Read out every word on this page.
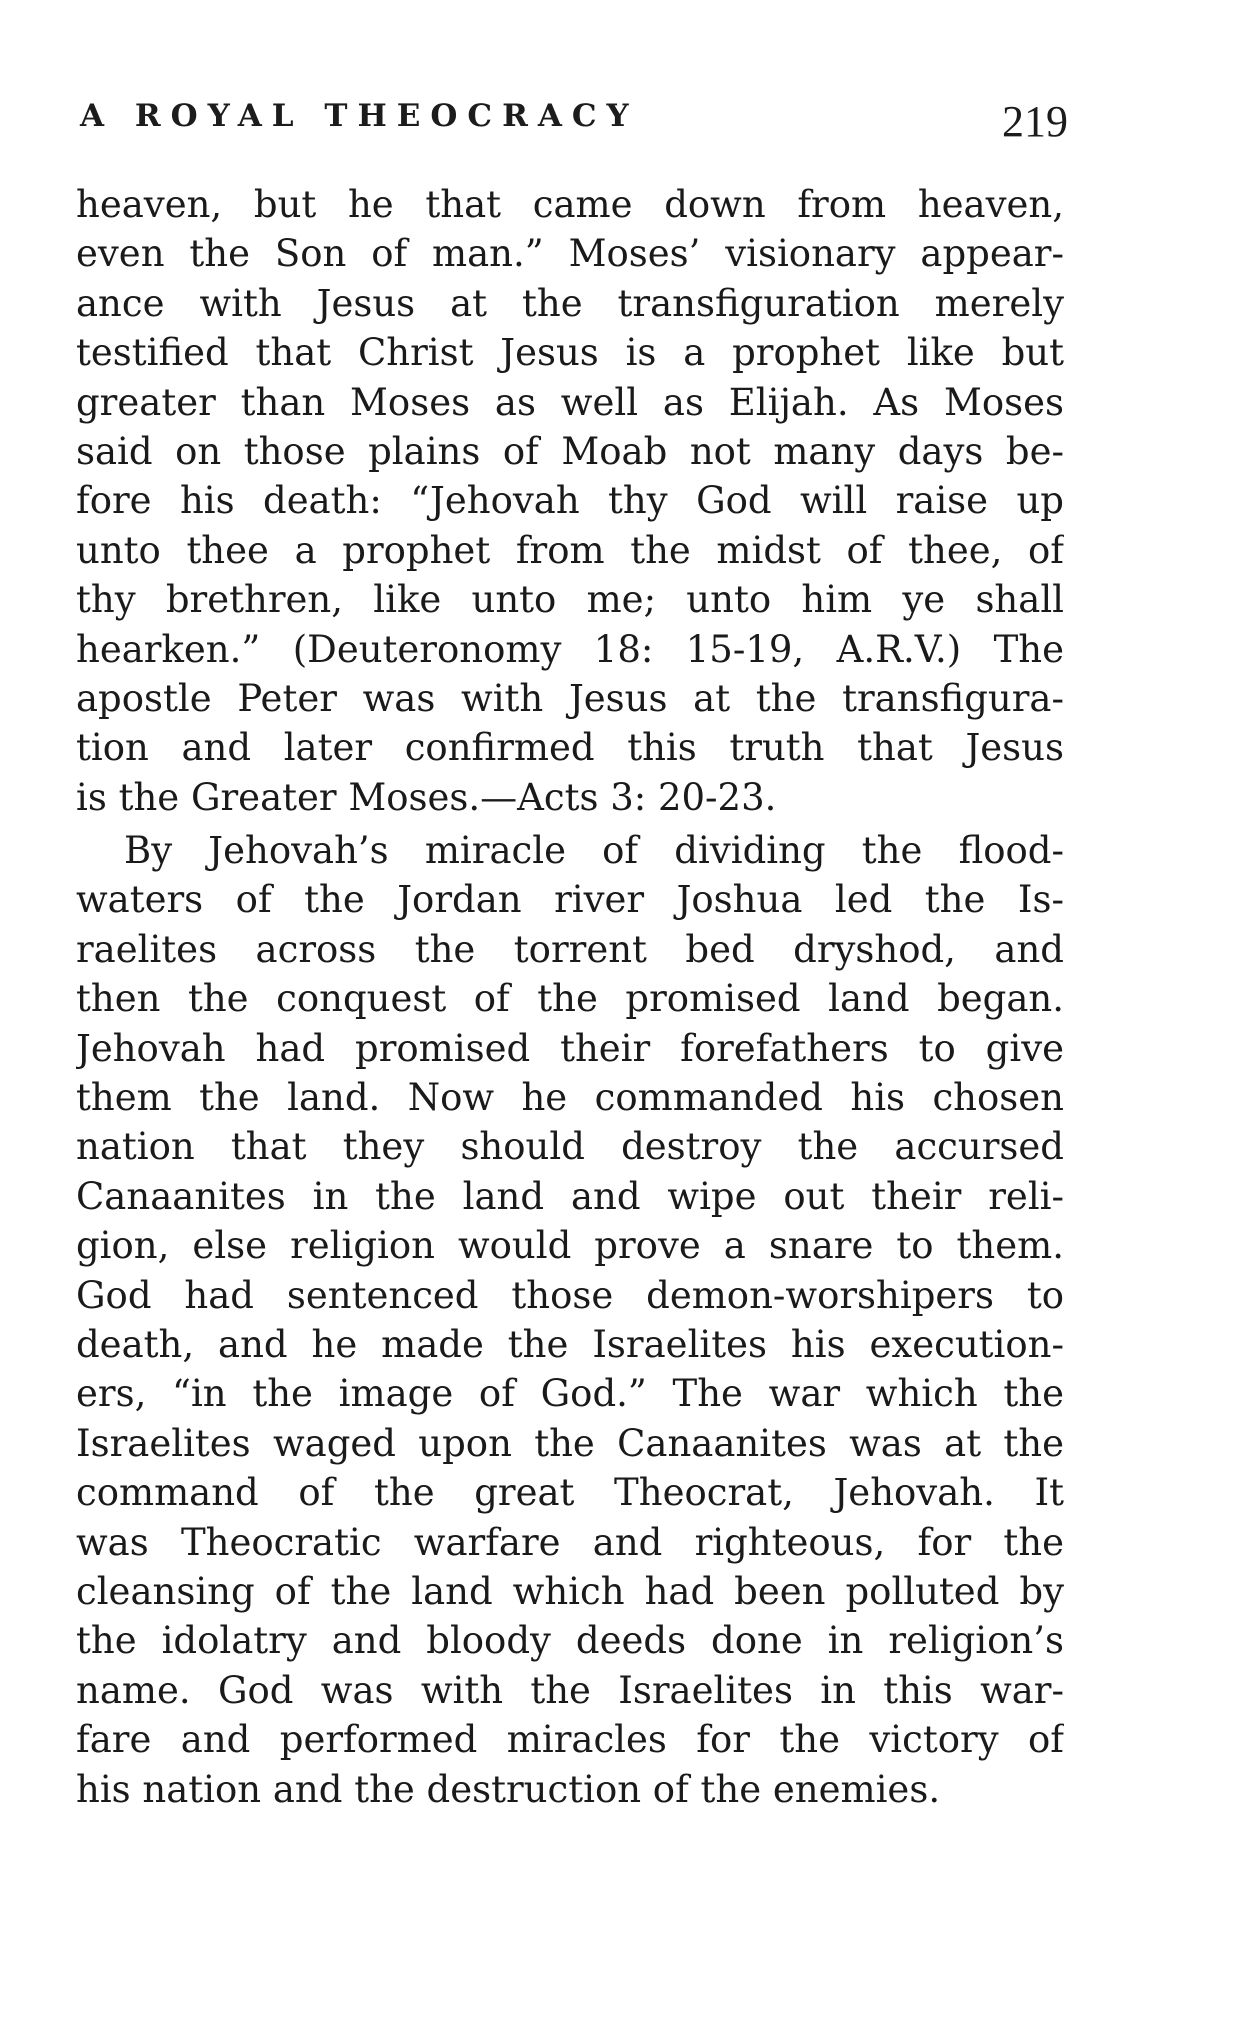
A ROYAL THEOCRACY	219
heaven, but he that came down from heaven,
even the Son of man.” Moses’ visionary appear-
ance with Jesus at the transfiguration merely
testified that Christ Jesus is a prophet like but
greater than Moses as well as Elijah. As Moses
said on those plains of Moab not many days be-
fore his death: “Jehovah thy God will raise up
unto thee a prophet from the midst of thee, of
thy brethren, like unto me; unto him ye shall
hearken.” (Deuteronomy 18: 15-19, A.R.V.) The
apostle Peter was with Jesus at the transfigura-
tion and later confirmed this truth that Jesus
is the Greater Moses.—Acts 3: 20-23.
By Jehovah’s miracle of dividing the flood-
waters of the Jordan river Joshua led the Is-
raelites across the torrent bed dryshod, and
then the conquest of the promised land began.
Jehovah had promised their forefathers to give
them the land. Now he commanded his chosen
nation that they should destroy the accursed
Canaanites in the land and wipe out their reli-
gion, else religion would prove a snare to them.
God had sentenced those demon-worshipers to
death, and he made the Israelites his execution-
ers, “in the image of God.” The war which the
Israelites waged upon the Canaanites was at the
command of the great Theocrat, Jehovah. It
was Theocratic warfare and righteous, for the
cleansing of the land which had been polluted by
the idolatry and bloody deeds done in religion’s
name. God was with the Israelites in this war-
fare and performed miracles for the victory of
his nation and the destruction of the enemies.
